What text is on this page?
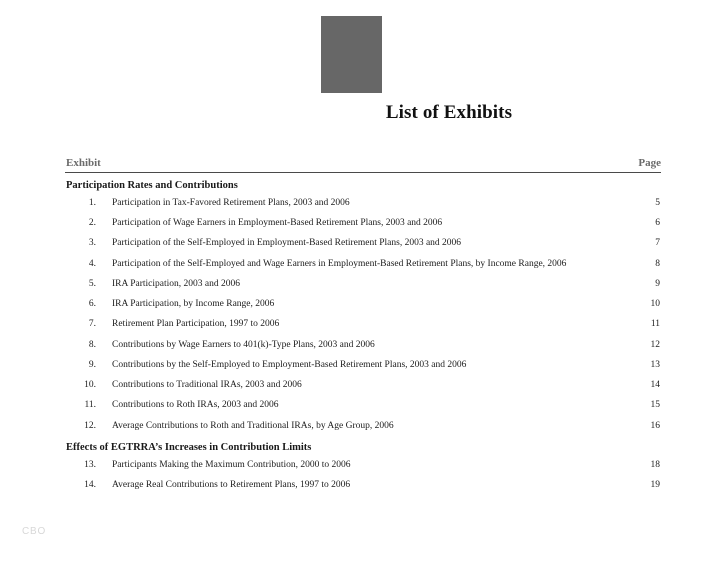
List of Exhibits
Exhibit	Page
Participation Rates and Contributions
1. Participation in Tax-Favored Retirement Plans, 2003 and 2006	5
2. Participation of Wage Earners in Employment-Based Retirement Plans, 2003 and 2006	6
3. Participation of the Self-Employed in Employment-Based Retirement Plans, 2003 and 2006	7
4. Participation of the Self-Employed and Wage Earners in Employment-Based Retirement Plans, by Income Range, 2006	8
5. IRA Participation, 2003 and 2006	9
6. IRA Participation, by Income Range, 2006	10
7. Retirement Plan Participation, 1997 to 2006	11
8. Contributions by Wage Earners to 401(k)-Type Plans, 2003 and 2006	12
9. Contributions by the Self-Employed to Employment-Based Retirement Plans, 2003 and 2006	13
10. Contributions to Traditional IRAs, 2003 and 2006	14
11. Contributions to Roth IRAs, 2003 and 2006	15
12. Average Contributions to Roth and Traditional IRAs, by Age Group, 2006	16
Effects of EGTRRA’s Increases in Contribution Limits
13. Participants Making the Maximum Contribution, 2000 to 2006	18
14. Average Real Contributions to Retirement Plans, 1997 to 2006	19
CBO
